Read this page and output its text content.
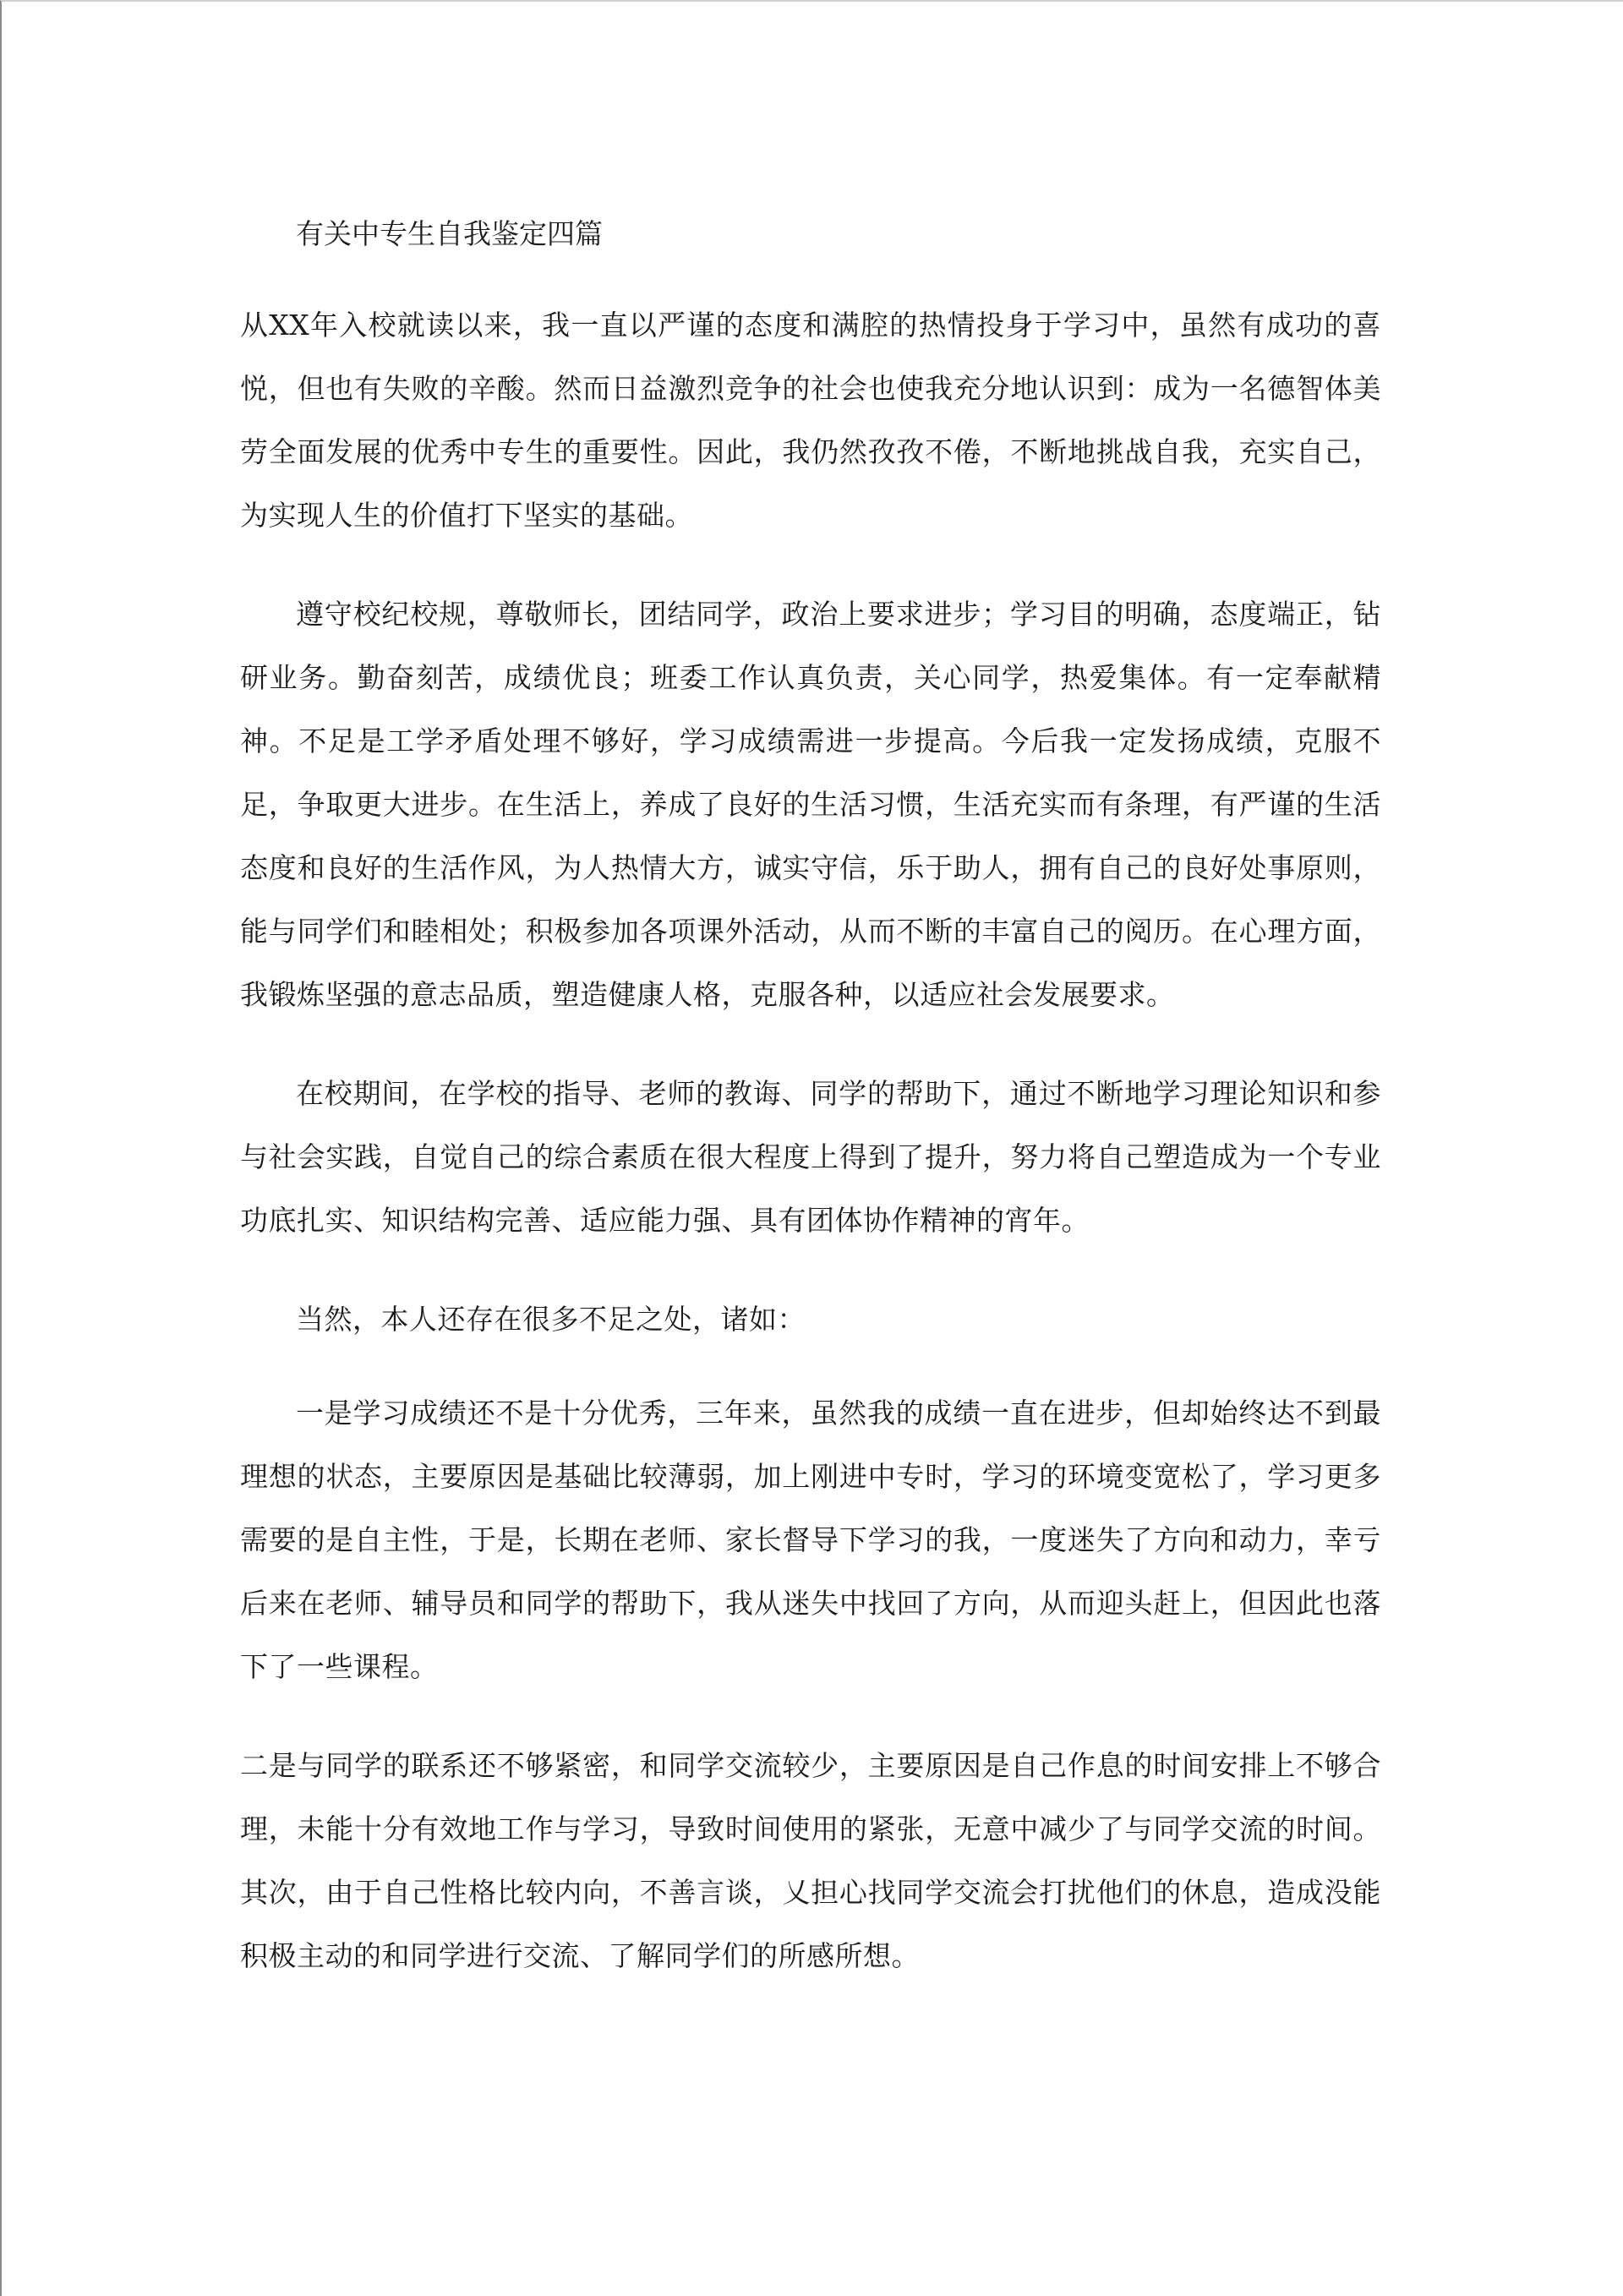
有关中专生自我鉴定四篇

从XX年入校就读以来，我一直以严谨的态度和满腔的热情投身于学习中，虽然有成功的喜悦，但也有失败的辛酸。然而日益激烈竞争的社会也使我充分地认识到：成为一名德智体美劳全面发展的优秀中专生的重要性。因此，我仍然孜孜不倦，不断地挑战自我，充实自己，为实现人生的价值打下坚实的基础。

遵守校纪校规，尊敬师长，团结同学，政治上要求进步；学习目的明确，态度端正，钻研业务。勤奋刻苦，成绩优良；班委工作认真负责，关心同学，热爱集体。有一定奉献精神。不足是工学矛盾处理不够好，学习成绩需进一步提高。今后我一定发扬成绩，克服不足，争取更大进步。在生活上，养成了良好的生活习惯，生活充实而有条理，有严谨的生活态度和良好的生活作风，为人热情大方，诚实守信，乐于助人，拥有自己的良好处事原则，能与同学们和睦相处；积极参加各项课外活动，从而不断的丰富自己的阅历。在心理方面，我锻炼坚强的意志品质，塑造健康人格，克服各种，以适应社会发展要求。

在校期间，在学校的指导、老师的教诲、同学的帮助下，通过不断地学习理论知识和参与社会实践，自觉自己的综合素质在很大程度上得到了提升，努力将自己塑造成为一个专业功底扎实、知识结构完善、适应能力强、具有团体协作精神的宵年。

当然，本人还存在很多不足之处，诸如：

一是学习成绩还不是十分优秀，三年来，虽然我的成绩一直在进步，但却始终达不到最理想的状态，主要原因是基础比较薄弱，加上刚进中专时，学习的环境变宽松了，学习更多需要的是自主性，于是，长期在老师、家长督导下学习的我，一度迷失了方向和动力，幸亏后来在老师、辅导员和同学的帮助下，我从迷失中找回了方向，从而迎头赶上，但因此也落下了一些课程。

二是与同学的联系还不够紧密，和同学交流较少，主要原因是自己作息的时间安排上不够合理，未能十分有效地工作与学习，导致时间使用的紧张，无意中减少了与同学交流的时间。其次，由于自己性格比较内向，不善言谈，乂担心找同学交流会打扰他们的休息，造成没能积极主动的和同学进行交流、了解同学们的所感所想。
